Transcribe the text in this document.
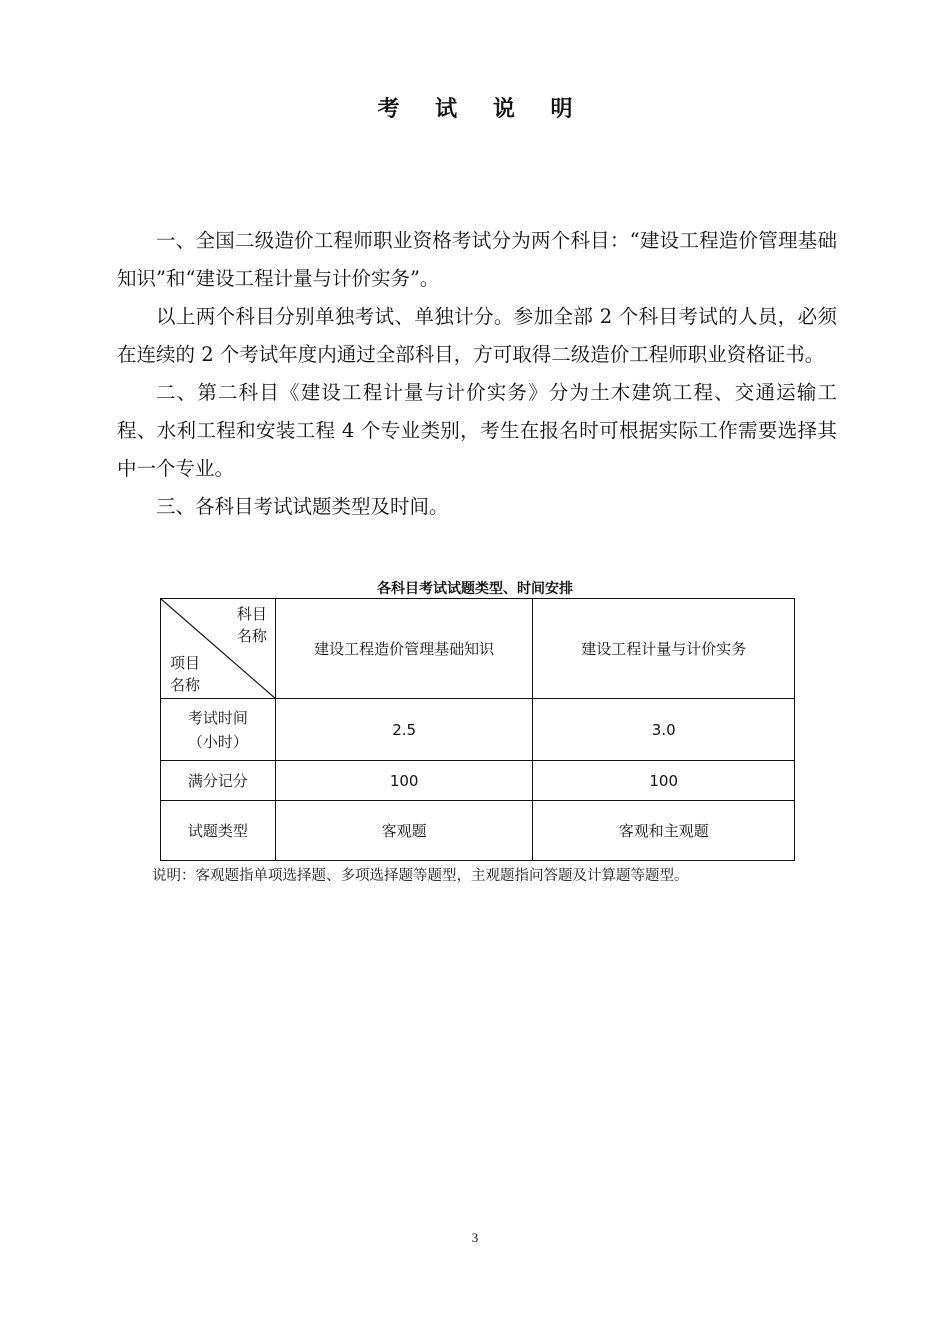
考 试 说 明

一、全国二级造价工程师职业资格考试分为两个科目：“建设工程造价管理基础知识”和“建设工程计量与计价实务”。

以上两个科目分别单独考试、单独计分。参加全部 2 个科目考试的人员，必须在连续的 2 个考试年度内通过全部科目，方可取得二级造价工程师职业资格证书。

二、第二科目《建设工程计量与计价实务》分为土木建筑工程、交通运输工程、水利工程和安装工程 4 个专业类别，考生在报名时可根据实际工作需要选择其中一个专业。

三、各科目考试试题类型及时间。

各科目考试试题类型、时间安排
科目
名称
项目
名称	建设工程造价管理基础知识	建设工程计量与计价实务

考试时间
（小时）	2.5	3.0
满分记分	100	100
试题类型	客观题	客观和主观题
说明：客观题指单项选择题、多项选择题等题型，主观题指问答题及计算题等题型。
3
